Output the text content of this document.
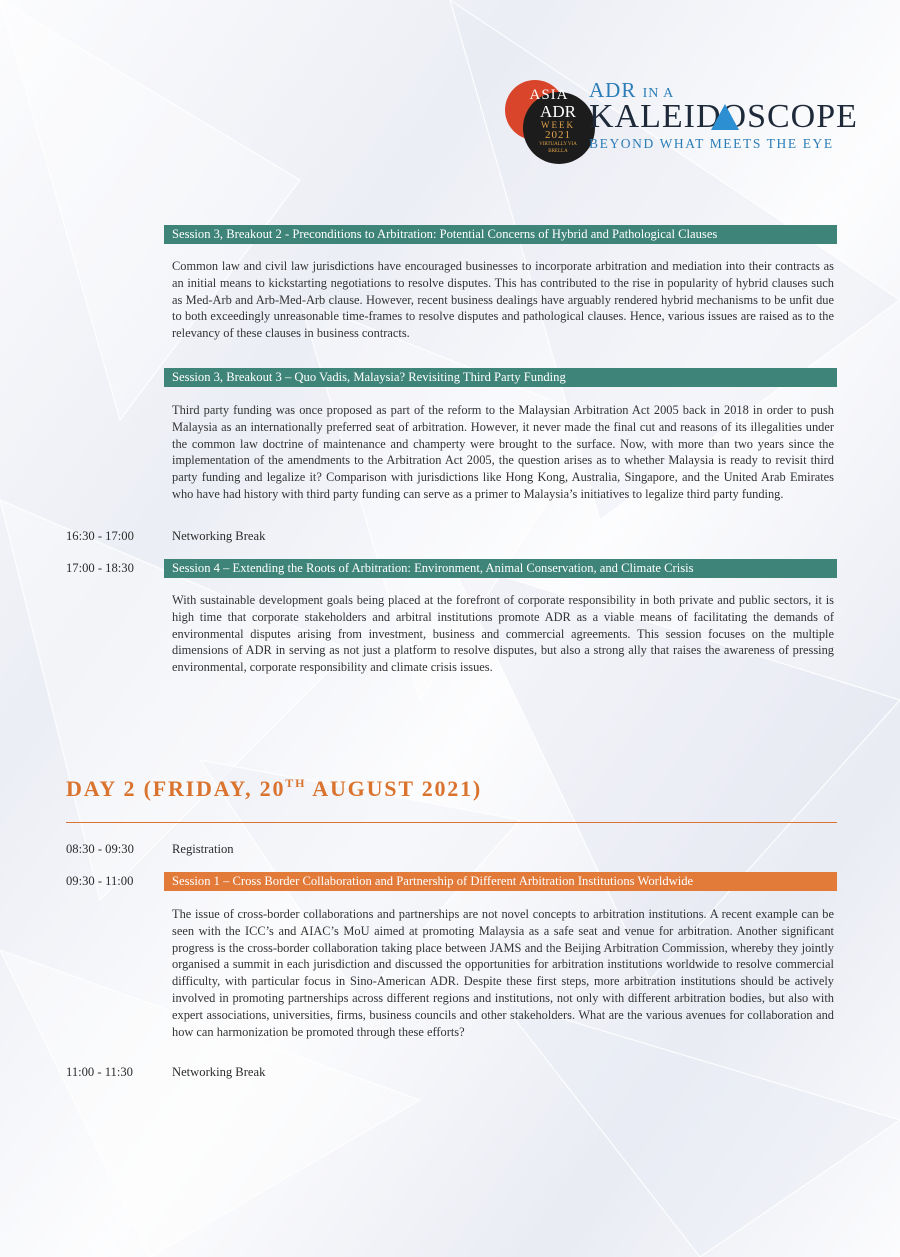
ASIA
ADR
WEEK
2021
VIRTUALLY VIA BRELLA
ADR IN A
KALEIDOSCOPE
BEYOND WHAT MEETS THE EYE
Session 3, Breakout 2 - Preconditions to Arbitration: Potential Concerns of Hybrid and Pathological Clauses
Common law and civil law jurisdictions have encouraged businesses to incorporate arbitration and mediation into their contracts as an initial means to kickstarting negotiations to resolve disputes. This has contributed to the rise in popularity of hybrid clauses such as Med-Arb and Arb-Med-Arb clause. However, recent business dealings have arguably rendered hybrid mechanisms to be unfit due to both exceedingly unreasonable time-frames to resolve disputes and pathological clauses. Hence, various issues are raised as to the relevancy of these clauses in business contracts.
Session 3, Breakout 3 – Quo Vadis, Malaysia? Revisiting Third Party Funding
Third party funding was once proposed as part of the reform to the Malaysian Arbitration Act 2005 back in 2018 in order to push Malaysia as an internationally preferred seat of arbitration. However, it never made the final cut and reasons of its illegalities under the common law doctrine of maintenance and champerty were brought to the surface. Now, with more than two years since the implementation of the amendments to the Arbitration Act 2005, the question arises as to whether Malaysia is ready to revisit third party funding and legalize it? Comparison with jurisdictions like Hong Kong, Australia, Singapore, and the United Arab Emirates who have had history with third party funding can serve as a primer to Malaysia’s initiatives to legalize third party funding.
16:30 - 17:00	Networking Break
17:00 - 18:30	Session 4 – Extending the Roots of Arbitration: Environment, Animal Conservation, and Climate Crisis
With sustainable development goals being placed at the forefront of corporate responsibility in both private and public sectors, it is high time that corporate stakeholders and arbitral institutions promote ADR as a viable means of facilitating the demands of environmental disputes arising from investment, business and commercial agreements. This session focuses on the multiple dimensions of ADR in serving as not just a platform to resolve disputes, but also a strong ally that raises the awareness of pressing environmental, corporate responsibility and climate crisis issues.
DAY 2 (FRIDAY, 20TH AUGUST 2021)
08:30 - 09:30	Registration
09:30 - 11:00	Session 1 – Cross Border Collaboration and Partnership of Different Arbitration Institutions Worldwide
The issue of cross-border collaborations and partnerships are not novel concepts to arbitration institutions. A recent example can be seen with the ICC’s and AIAC’s MoU aimed at promoting Malaysia as a safe seat and venue for arbitration. Another significant progress is the cross-border collaboration taking place between JAMS and the Beijing Arbitration Commission, whereby they jointly organised a summit in each jurisdiction and discussed the opportunities for arbitration institutions worldwide to resolve commercial difficulty, with particular focus in Sino-American ADR. Despite these first steps, more arbitration institutions should be actively involved in promoting partnerships across different regions and institutions, not only with different arbitration bodies, but also with expert associations, universities, firms, business councils and other stakeholders. What are the various avenues for collaboration and how can harmonization be promoted through these efforts?
11:00 - 11:30	Networking Break
